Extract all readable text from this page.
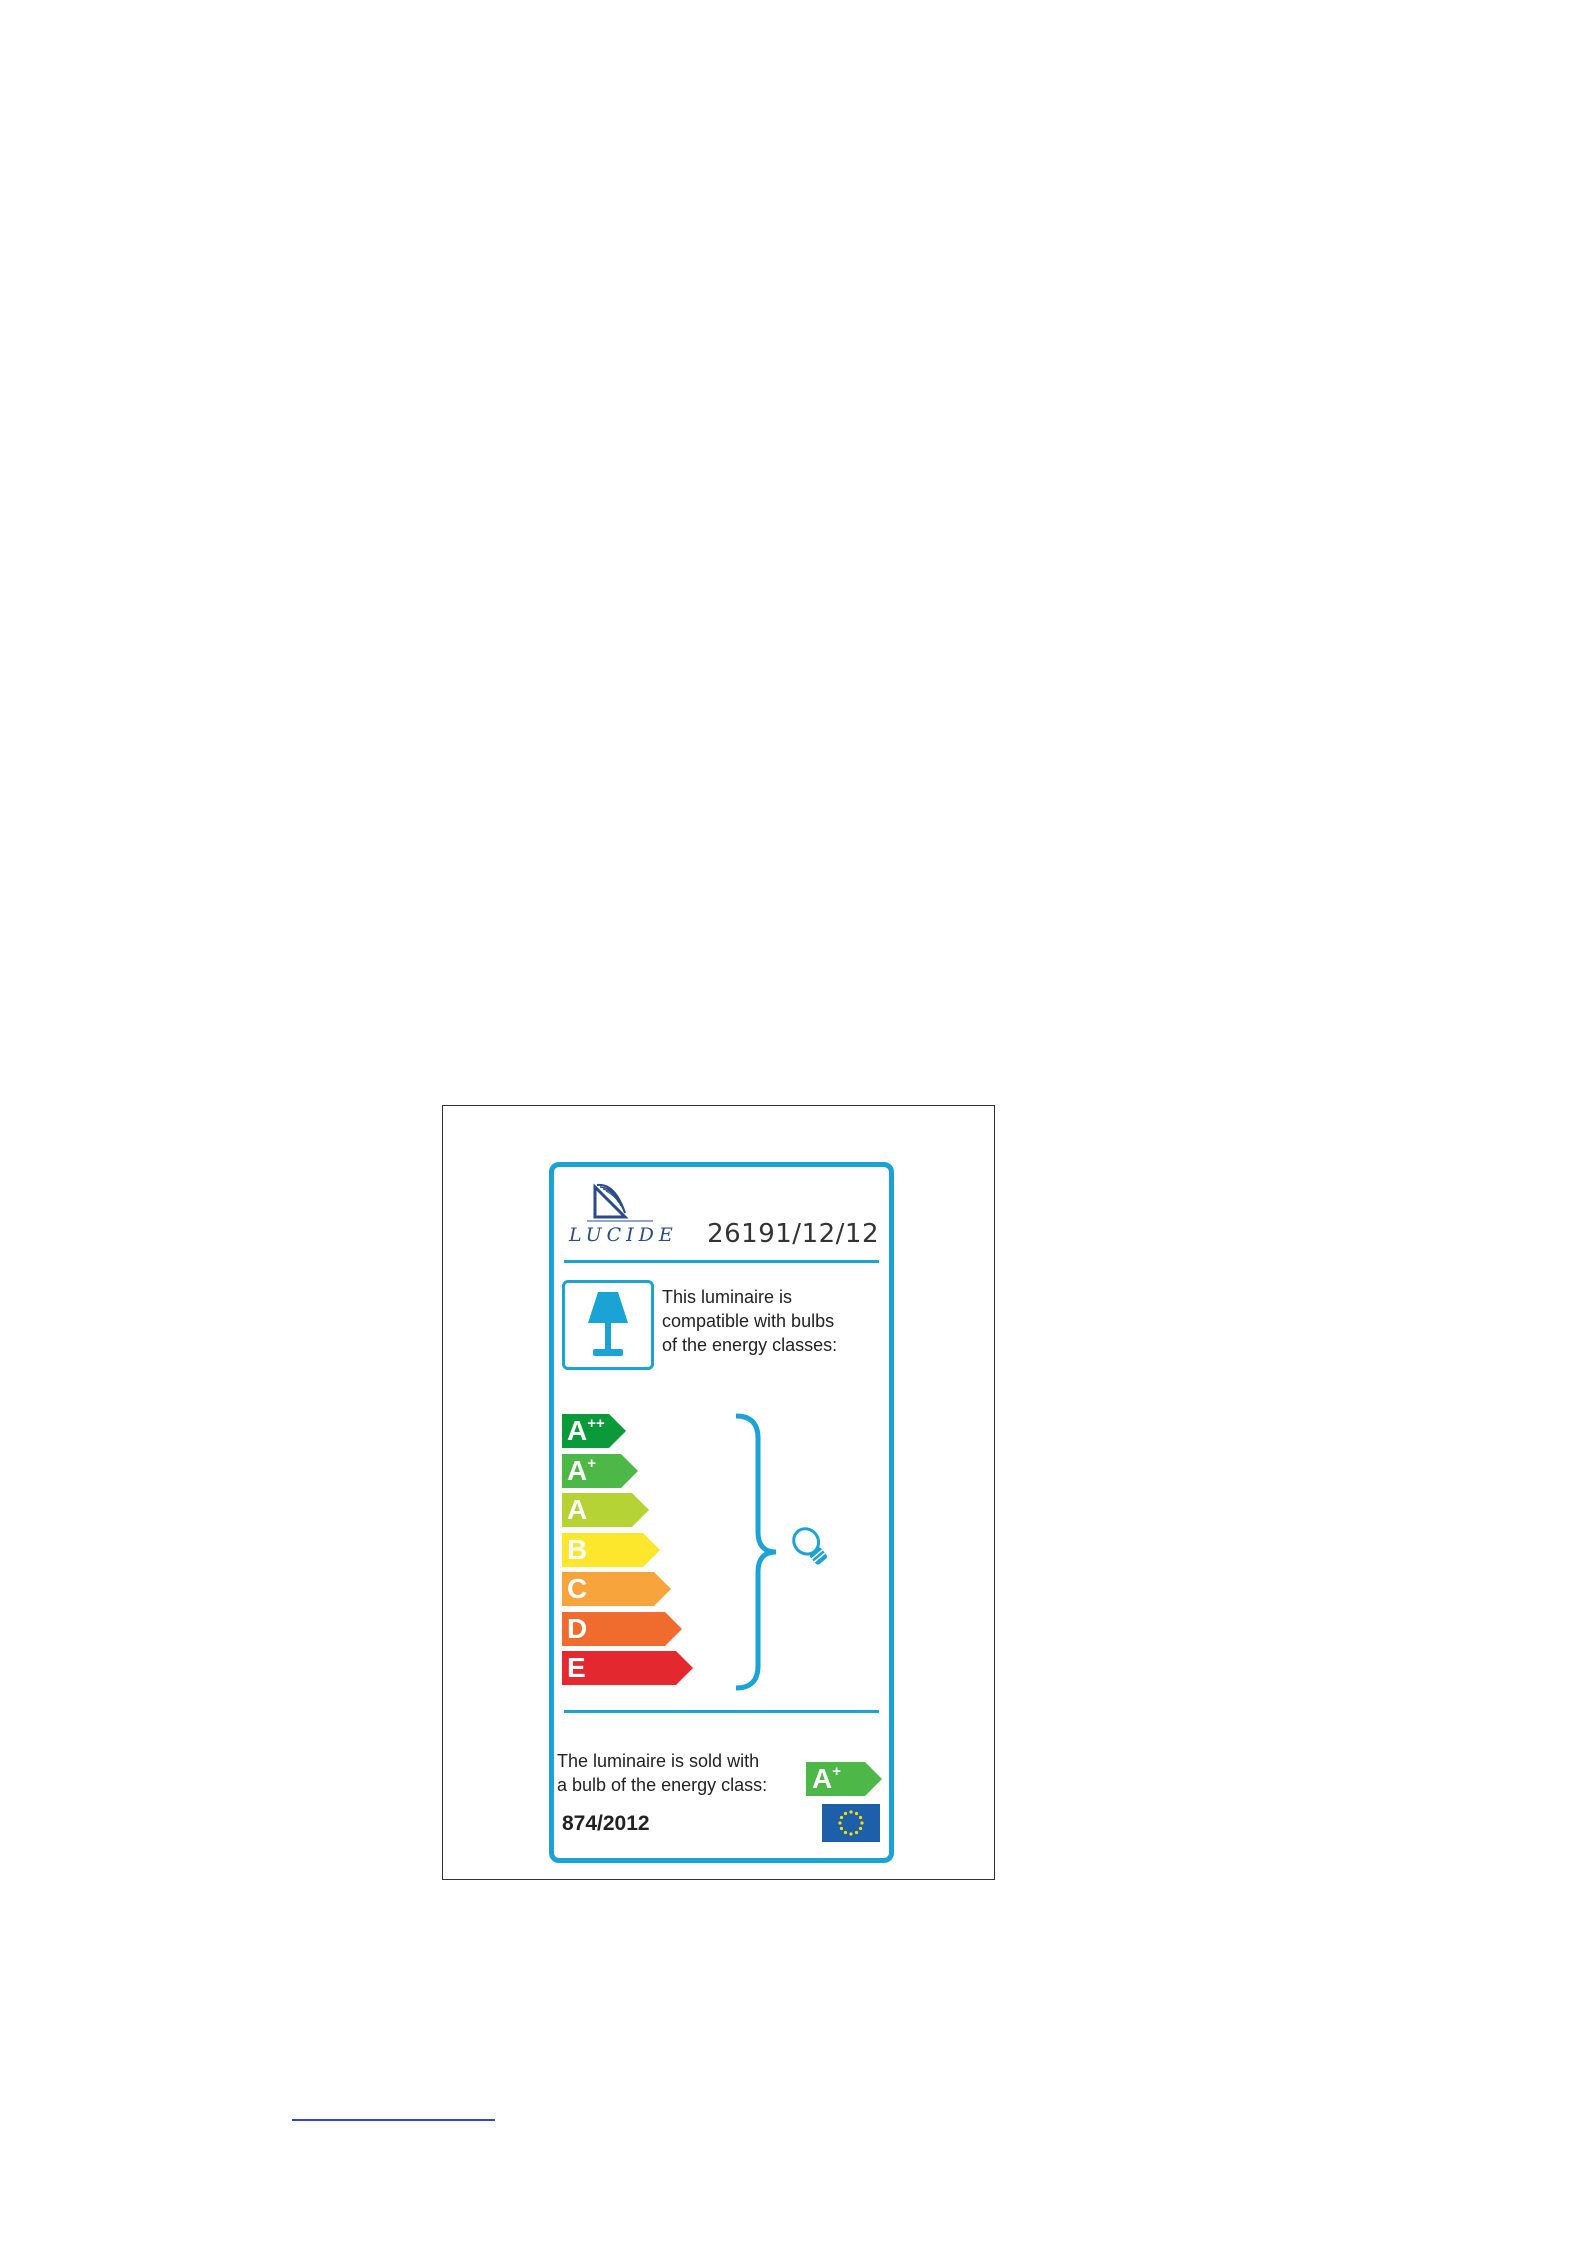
LUCIDE 26191/12/12
This luminaire is
compatible with bulbs
of the energy classes:
A++
A+
A
B
C
D
E
The luminaire is sold with
a bulb of the energy class: A+
874/2012
